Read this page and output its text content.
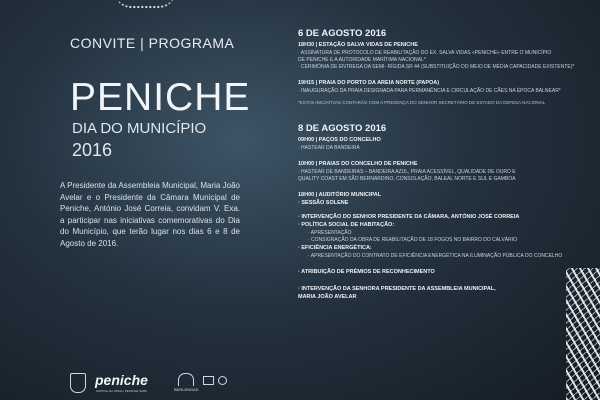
CONVITE | PROGRAMA
PENICHE
DIA DO MUNICÍPIO
2016
A Presidente da Assembleia Municipal, Maria João Avelar e o Presidente da Câmara Municipal de Peniche, António José Correia, convidam V. Exa. a participar nas iniciativas comemorativas do Dia do Município, que terão lugar nos dias 6 e 8 de Agosto de 2016.
peniche
CAPITAL DA ONDA | PENICHE SURF	BERLENGAS
6 DE AGOSTO 2016
18H30 | ESTAÇÃO SALVA VIDAS DE PENICHE
· ASSINATURA DE PROTOCOLO DE REABILITAÇÃO DO EX. SALVA VIDAS «PENICHE» ENTRE O MUNICÍPIO
DE PENICHE E A AUTORIDADE MARÍTIMA NACIONAL*
· CERIMÓNIA DE ENTREGA DA SEMI- RÍGIDA SR 44 (SUBSTITUIÇÃO DO MEIO DE MÉDIA CAPACIDADE EXISTENTE)*
19H15 | PRAIA DO PORTO DA AREIA NORTE (PAPOA)
· INAUGURAÇÃO DA PRAIA DESIGNADA PARA PERMANÊNCIA E CIRCULAÇÃO DE CÃES NA ÉPOCA BALNEAR*
*ESTAS INICIATIVAS CONTARÃO COM A PRESENÇA DO SENHOR SECRETÁRIO DE ESTADO DA DEFESA NACIONAL
8 DE AGOSTO 2016
09H00 | PAÇOS DO CONCELHO
· HASTEAR DA BANDEIRA
10H00 | PRAIAS DO CONCELHO DE PENICHE
· HASTEAR DE BANDEIRAS – BANDEIRA AZUL, PRAIA ACESSÍVEL, QUALIDADE DE OURO E
QUALITY COAST EM SÃO BERNARDINO, CONSOLAÇÃO, BALEAL NORTE E SUL E GAMBOA
18H00 | AUDITÓRIO MUNICIPAL
· SESSÃO SOLENE
· INTERVENÇÃO DO SENHOR PRESIDENTE DA CÂMARA, ANTÓNIO JOSÉ CORREIA
· POLÍTICA SOCIAL DE HABITAÇÃO:
· APRESENTAÇÃO
· CONSIGNAÇÃO DA OBRA DE REABILITAÇÃO DE 18 FOGOS NO BAIRRO DO CALVÁRIO
· EFICIÊNCIA ENERGÉTICA:
· APRESENTAÇÃO DO CONTRATO DE EFICIÊNCIA ENERGÉTICA NA ILUMINAÇÃO PÚBLICA DO CONCELHO
· ATRIBUIÇÃO DE PRÉMIOS DE RECONHECIMENTO
· INTERVENÇÃO DA SENHORA PRESIDENTE DA ASSEMBLEIA MUNICIPAL,
MARIA JOÃO AVELAR
